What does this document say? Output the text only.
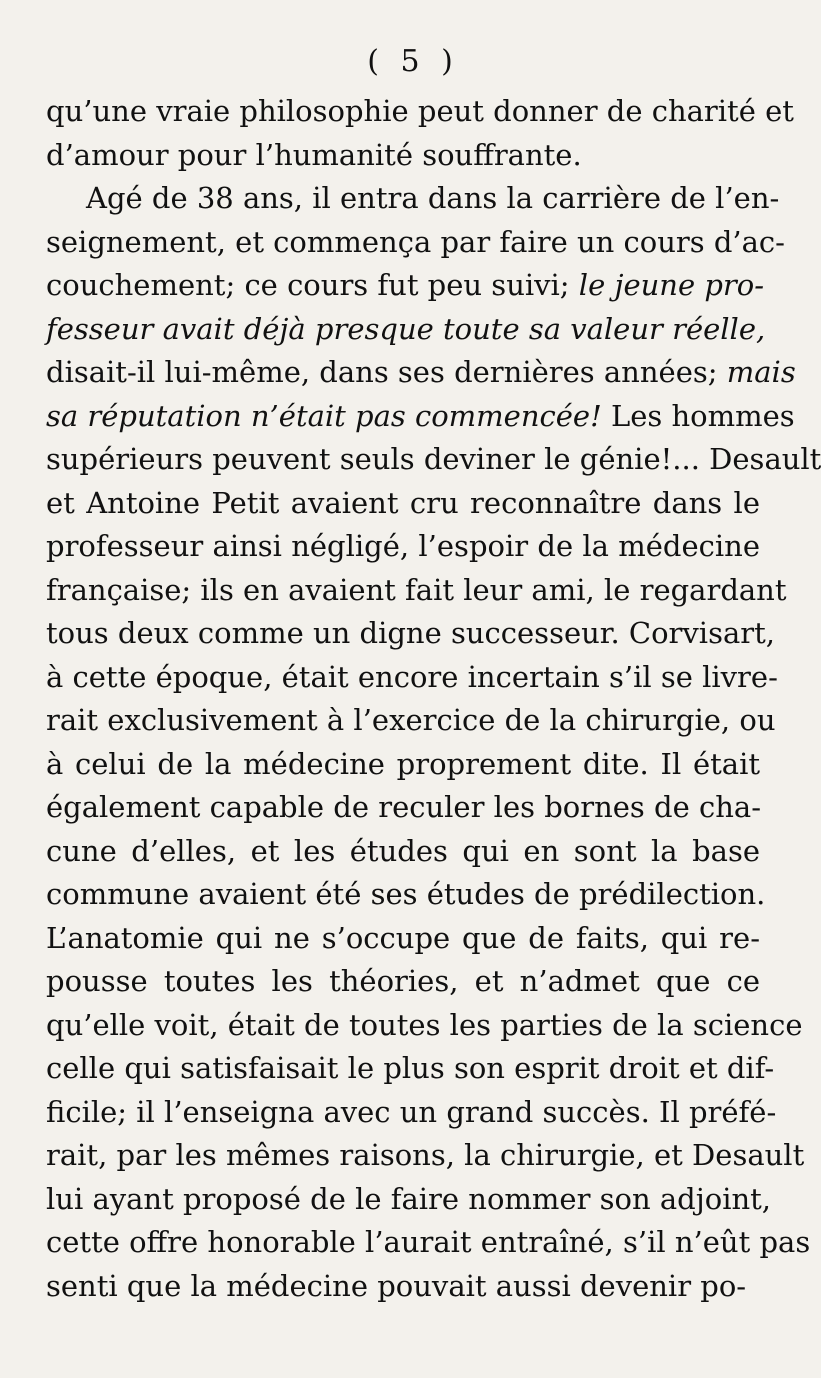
( 5 )
qu’une vraie philosophie peut donner de charité et
d’amour pour l’humanité souffrante.
Agé de 38 ans, il entra dans la carrière de l’en-
seignement, et commença par faire un cours d’ac-
couchement; ce cours fut peu suivi; le jeune pro-
fesseur avait déjà presque toute sa valeur réelle,
disait-il lui-même, dans ses dernières années; mais
sa réputation n’était pas commencée! Les hommes
supérieurs peuvent seuls deviner le génie!... Desault
et Antoine Petit avaient cru reconnaître dans le
professeur ainsi négligé, l’espoir de la médecine
française; ils en avaient fait leur ami, le regardant
tous deux comme un digne successeur. Corvisart,
à cette époque, était encore incertain s’il se livre-
rait exclusivement à l’exercice de la chirurgie, ou
à celui de la médecine proprement dite. Il était
également capable de reculer les bornes de cha-
cune d’elles, et les études qui en sont la base
commune avaient été ses études de prédilection.
L’anatomie qui ne s’occupe que de faits, qui re-
pousse toutes les théories, et n’admet que ce
qu’elle voit, était de toutes les parties de la science
celle qui satisfaisait le plus son esprit droit et dif-
ficile; il l’enseigna avec un grand succès. Il préfé-
rait, par les mêmes raisons, la chirurgie, et Desault
lui ayant proposé de le faire nommer son adjoint,
cette offre honorable l’aurait entraîné, s’il n’eût pas
senti que la médecine pouvait aussi devenir po-
